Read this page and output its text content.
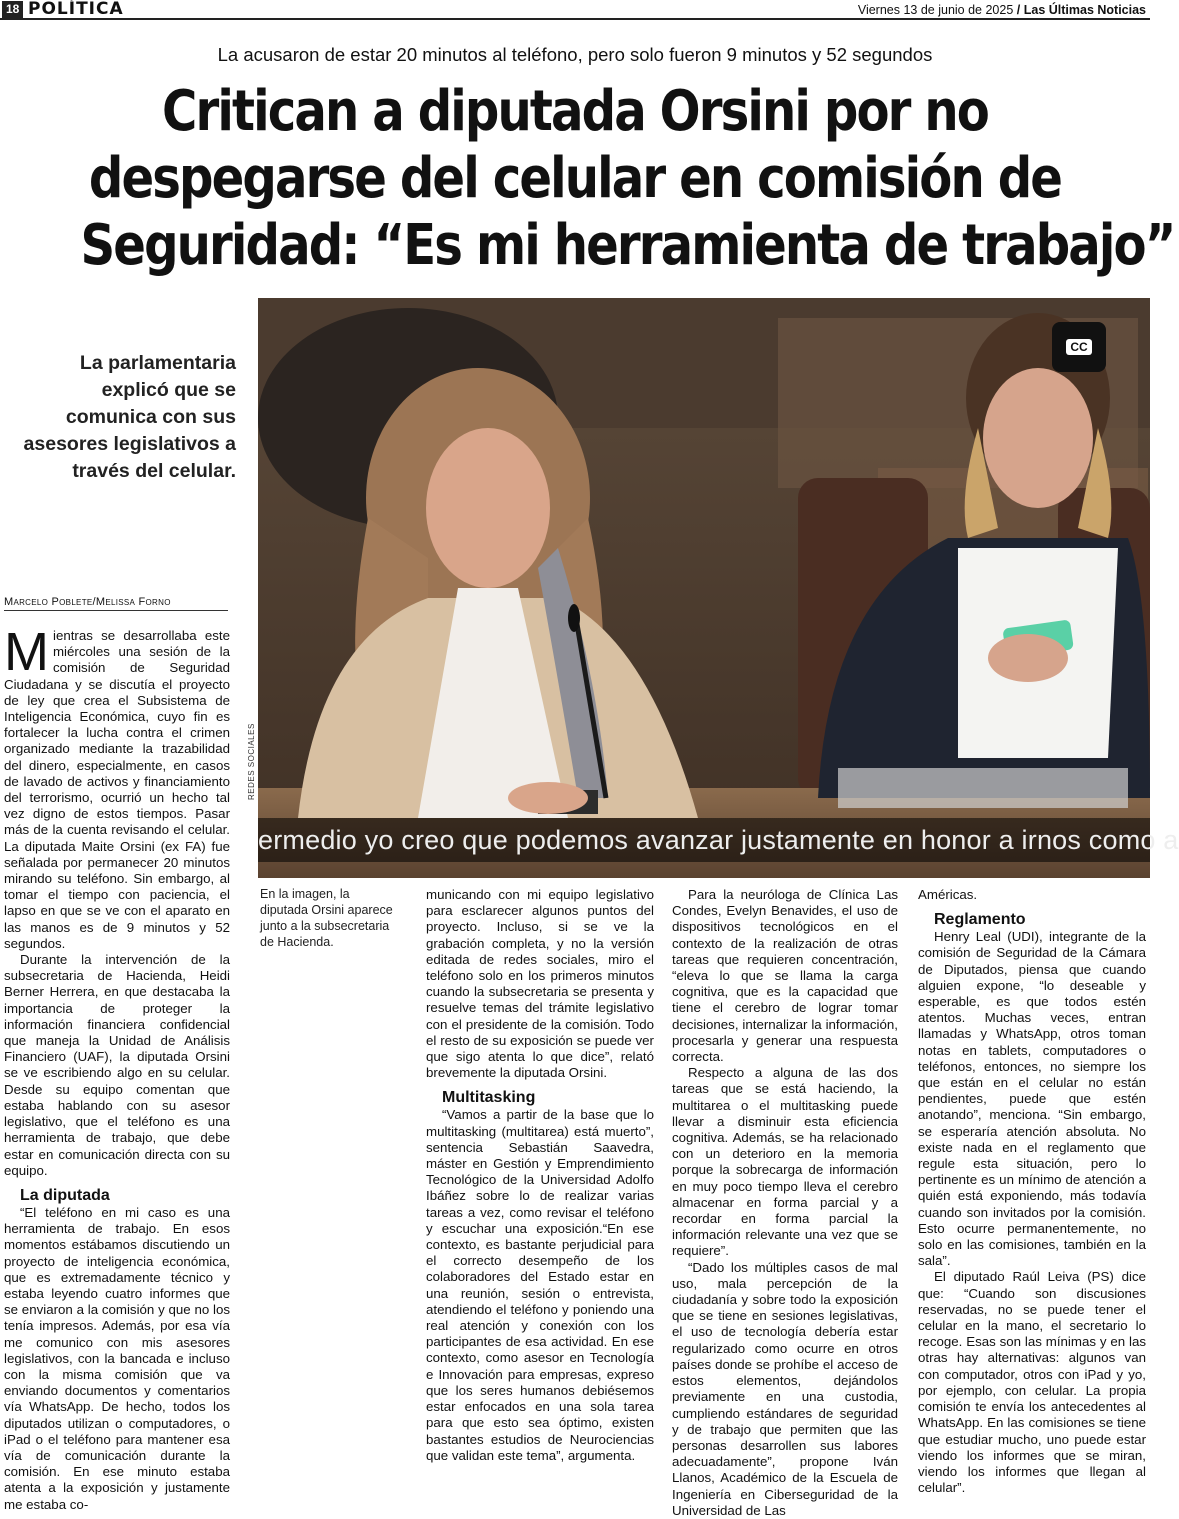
18 POLÍTICA	Viernes 13 de junio de 2025 / Las Últimas Noticias
La acusaron de estar 20 minutos al teléfono, pero solo fueron 9 minutos y 52 segundos
Critican a diputada Orsini por no
despegarse del celular en comisión de
Seguridad: “Es mi herramienta de trabajo”
La parlamentaria explicó que se comunica con sus asesores legislativos a través del celular.
Marcelo Poblete/Melissa Forno
CC
ermedio yo creo que podemos avanzar justamente en honor a irnos como a
REDES SOCIALES
En la imagen, la diputada Orsini aparece junto a la subsecretaria de Hacienda.

Mientras se desarrollaba este miércoles una sesión de la comisión de Seguridad Ciudadana y se discutía el proyecto de ley que crea el Subsistema de Inteligencia Económica, cuyo fin es fortalecer la lucha contra el crimen organizado mediante la trazabilidad del dinero, especialmente, en casos de lavado de activos y financiamiento del terrorismo, ocurrió un hecho tal vez digno de estos tiempos. Pasar más de la cuenta revisando el celular. La diputada Maite Orsini (ex FA) fue señalada por permanecer 20 minutos mirando su teléfono. Sin embargo, al tomar el tiempo con paciencia, el lapso en que se ve con el aparato en las manos es de 9 minutos y 52 segundos.

Durante la intervención de la subsecretaria de Hacienda, Heidi Berner Herrera, en que destacaba la importancia de proteger la información financiera confidencial que maneja la Unidad de Análisis Financiero (UAF), la diputada Orsini se ve escribiendo algo en su celular. Desde su equipo comentan que estaba hablando con su asesor legislativo, que el teléfono es una herramienta de trabajo, que debe estar en comunicación directa con su equipo.

La diputada

“El teléfono en mi caso es una herramienta de trabajo. En esos momentos estábamos discutiendo un proyecto de inteligencia económica, que es extremadamente técnico y estaba leyendo cuatro informes que se enviaron a la comisión y que no los tenía impresos. Además, por esa vía me comunico con mis asesores legislativos, con la bancada e incluso con la misma comisión que va enviando documentos y comentarios vía WhatsApp. De hecho, todos los diputados utilizan o computadores, o iPad o el teléfono para mantener esa vía de comunicación durante la comisión. En ese minuto estaba atenta a la exposición y justamente me estaba co-

municando con mi equipo legislativo para esclarecer algunos puntos del proyecto. Incluso, si se ve la grabación completa, y no la versión editada de redes sociales, miro el teléfono solo en los primeros minutos cuando la subsecretaria se presenta y resuelve temas del trámite legislativo con el presidente de la comisión. Todo el resto de su exposición se puede ver que sigo atenta lo que dice”, relató brevemente la diputada Orsini.

Multitasking

“Vamos a partir de la base que lo multitasking (multitarea) está muerto”, sentencia Sebastián Saavedra, máster en Gestión y Emprendimiento Tecnológico de la Universidad Adolfo Ibáñez sobre lo de realizar varias tareas a vez, como revisar el teléfono y escuchar una exposición.“En ese contexto, es bastante perjudicial para el correcto desempeño de los colaboradores del Estado estar en una reunión, sesión o entrevista, atendiendo el teléfono y poniendo una real atención y conexión con los participantes de esa actividad. En ese contexto, como asesor en Tecnología e Innovación para empresas, expreso que los seres humanos debiésemos estar enfocados en una sola tarea para que esto sea óptimo, existen bastantes estudios de Neurociencias que validan este tema”, argumenta.

Para la neuróloga de Clínica Las Condes, Evelyn Benavides, el uso de dispositivos tecnológicos en el contexto de la realización de otras tareas que requieren concentración, “eleva lo que se llama la carga cognitiva, que es la capacidad que tiene el cerebro de lograr tomar decisiones, internalizar la información, procesarla y generar una respuesta correcta.

Respecto a alguna de las dos tareas que se está haciendo, la multitarea o el multitasking puede llevar a disminuir esta eficiencia cognitiva. Además, se ha relacionado con un deterioro en la memoria porque la sobrecarga de información en muy poco tiempo lleva el cerebro almacenar en forma parcial y a recordar en forma parcial la información relevante una vez que se requiere”.

“Dado los múltiples casos de mal uso, mala percepción de la ciudadanía y sobre todo la exposición que se tiene en sesiones legislativas, el uso de tecnología debería estar regularizado como ocurre en otros países donde se prohíbe el acceso de estos elementos, dejándolos previamente en una custodia, cumpliendo estándares de seguridad y de trabajo que permiten que las personas desarrollen sus labores adecuadamente”, propone Iván Llanos, Académico de la Escuela de Ingeniería en Ciberseguridad de la Universidad de Las

Américas.

Reglamento

Henry Leal (UDI), integrante de la comisión de Seguridad de la Cámara de Diputados, piensa que cuando alguien expone, “lo deseable y esperable, es que todos estén atentos. Muchas veces, entran llamadas y WhatsApp, otros toman notas en tablets, computadores o teléfonos, entonces, no siempre los que están en el celular no están pendientes, puede que estén anotando”, menciona. “Sin embargo, se esperaría atención absoluta. No existe nada en el reglamento que regule esta situación, pero lo pertinente es un mínimo de atención a quién está exponiendo, más todavía cuando son invitados por la comisión. Esto ocurre permanentemente, no solo en las comisiones, también en la sala”.

El diputado Raúl Leiva (PS) dice que: “Cuando son discusiones reservadas, no se puede tener el celular en la mano, el secretario lo recoge. Esas son las mínimas y en las otras hay alternativas: algunos van con computador, otros con iPad y yo, por ejemplo, con celular. La propia comisión te envía los antecedentes al WhatsApp. En las comisiones se tiene que estudiar mucho, uno puede estar viendo los informes que se miran, viendo los informes que llegan al celular”.
